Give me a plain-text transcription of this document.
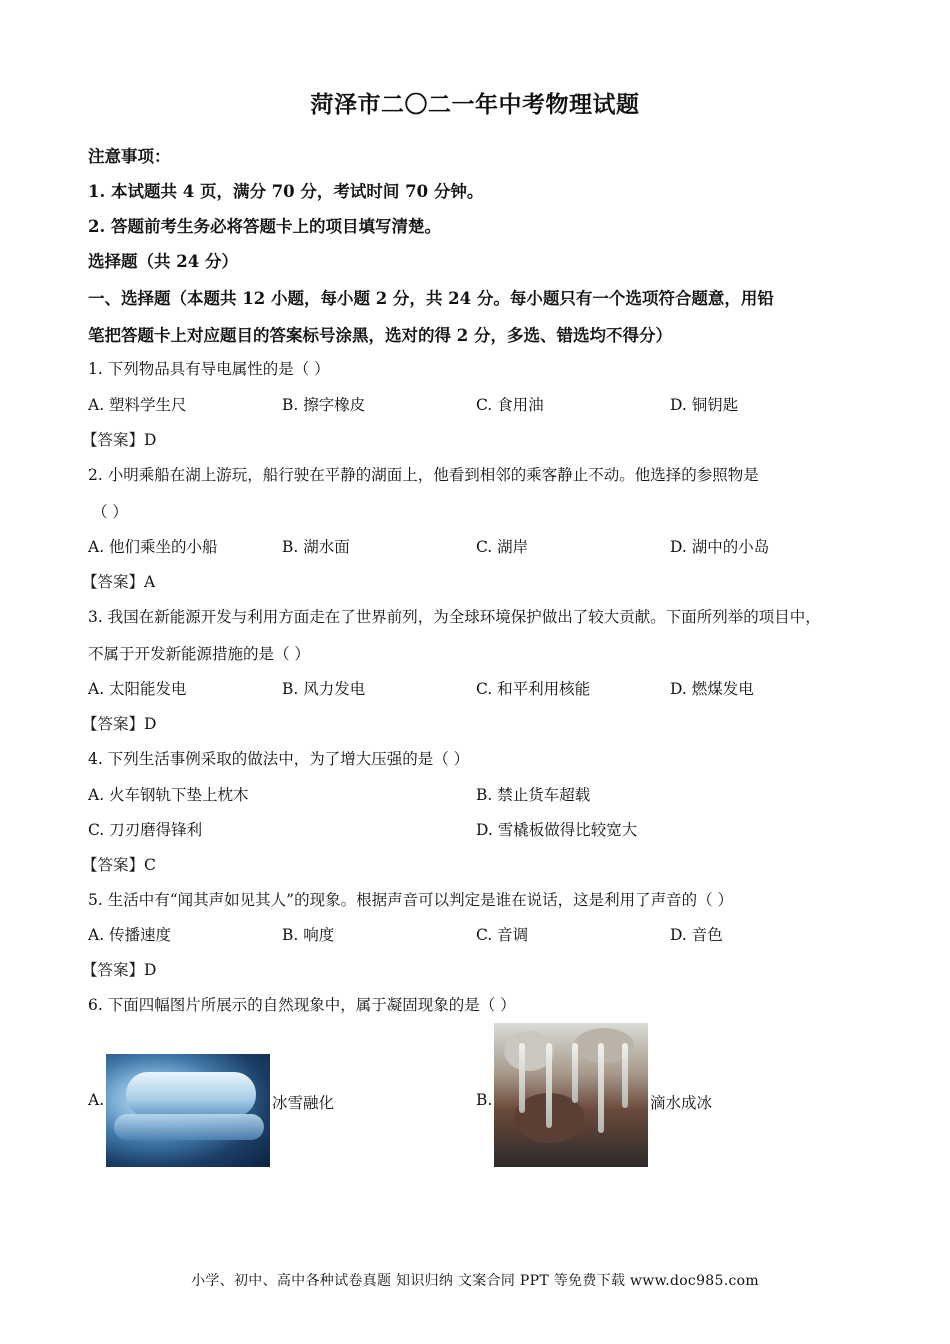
菏泽市二〇二一年中考物理试题
注意事项：
1. 本试题共 4 页，满分 70 分，考试时间 70 分钟。
2. 答题前考生务必将答题卡上的项目填写清楚。
选择题（共 24 分）
一、选择题（本题共 12 小题，每小题 2 分，共 24 分。每小题只有一个选项符合题意，用铅
笔把答题卡上对应题目的答案标号涂黑，选对的得 2 分，多选、错选均不得分）
1. 下列物品具有导电属性的是（ ）
A. 塑料学生尺	B. 擦字橡皮	C. 食用油	D. 铜钥匙
【答案】D
2. 小明乘船在湖上游玩，船行驶在平静的湖面上，他看到相邻的乘客静止不动。他选择的参照物是
（ ）
A. 他们乘坐的小船	B. 湖水面	C. 湖岸	D. 湖中的小岛
【答案】A
3. 我国在新能源开发与利用方面走在了世界前列，为全球环境保护做出了较大贡献。下面所列举的项目中，
不属于开发新能源措施的是（ ）
A. 太阳能发电	B. 风力发电	C. 和平利用核能	D. 燃煤发电
【答案】D
4. 下列生活事例采取的做法中，为了增大压强的是（ ）
A. 火车钢轨下垫上枕木	B. 禁止货车超载
C. 刀刃磨得锋利	D. 雪橇板做得比较宽大
【答案】C
5. 生活中有“闻其声如见其人”的现象。根据声音可以判定是谁在说话，这是利用了声音的（ ）
A. 传播速度	B. 响度	C. 音调	D. 音色
【答案】D
6. 下面四幅图片所展示的自然现象中，属于凝固现象的是（ ）
A.	冰雪融化	B.	滴水成冰
小学、初中、高中各种试卷真题 知识归纳 文案合同 PPT 等免费下载 www.doc985.com
